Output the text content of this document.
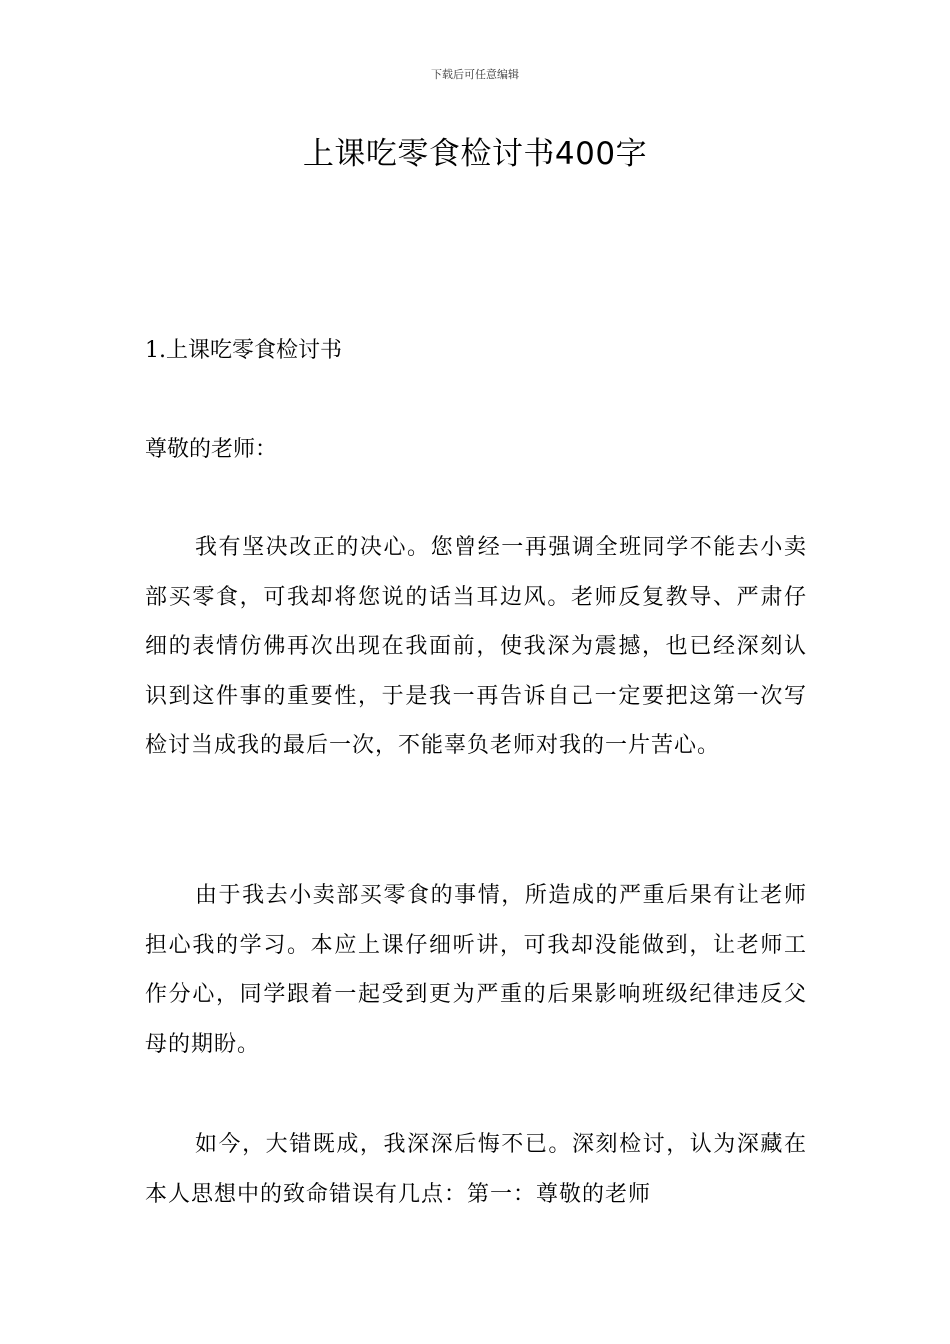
下载后可任意编辑
上课吃零食检讨书400字

1.上课吃零食检讨书

尊敬的老师：

我有坚决改正的决心。您曾经一再强调全班同学不能去小卖部买零食，可我却将您说的话当耳边风。老师反复教导、严肃仔细的表情仿佛再次出现在我面前，使我深为震撼，也已经深刻认识到这件事的重要性，于是我一再告诉自己一定要把这第一次写检讨当成我的最后一次，不能辜负老师对我的一片苦心。

由于我去小卖部买零食的事情，所造成的严重后果有让老师担心我的学习。本应上课仔细听讲，可我却没能做到，让老师工作分心，同学跟着一起受到更为严重的后果影响班级纪律违反父母的期盼。

如今，大错既成，我深深后悔不已。深刻检讨，认为深藏在本人思想中的致命错误有几点：第一：尊敬的老师
